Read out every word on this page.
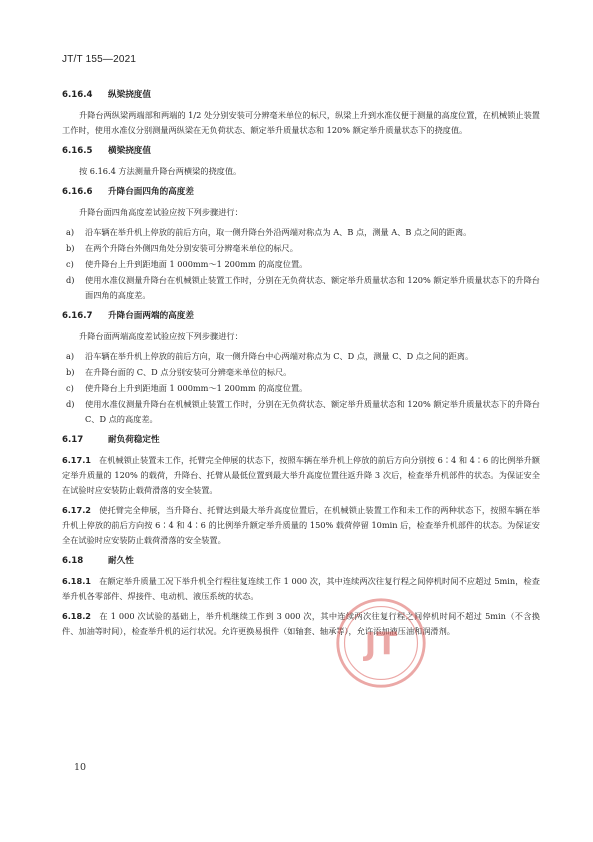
JT/T 155—2021
6.16.4 纵梁挠度值

升降台两纵梁两端部和两端的 1/2 处分别安装可分辨毫米单位的标尺，纵梁上升到水准仪便于测量的高度位置，在机械锁止装置工作时，使用水准仪分别测量两纵梁在无负荷状态、额定举升质量状态和 120% 额定举升质量状态下的挠度值。

6.16.5 横梁挠度值

按 6.16.4 方法测量升降台两横梁的挠度值。

6.16.6 升降台面四角的高度差

升降台面四角高度差试验应按下列步骤进行：

a)	沿车辆在举升机上停放的前后方向，取一侧升降台外沿两端对称点为 A、B 点，测量 A、B 点之间的距离。
b)	在两个升降台外侧四角处分别安装可分辨毫米单位的标尺。
c)	使升降台上升到距地面 1 000mm～1 200mm 的高度位置。
d)	使用水准仪测量升降台在机械锁止装置工作时，分别在无负荷状态、额定举升质量状态和 120% 额定举升质量状态下的升降台面四角的高度差。
6.16.7 升降台面两端的高度差

升降台面两端高度差试验应按下列步骤进行：

a)	沿车辆在举升机上停放的前后方向，取一侧升降台中心两端对称点为 C、D 点，测量 C、D 点之间的距离。
b)	在升降台面的 C、D 点分别安装可分辨毫米单位的标尺。
c)	使升降台上升到距地面 1 000mm～1 200mm 的高度位置。
d)	使用水准仪测量升降台在机械锁止装置工作时，分别在无负荷状态、额定举升质量状态和 120% 额定举升质量状态下的升降台 C、D 点的高度差。
6.17	耐负荷稳定性

6.17.1 在机械锁止装置未工作，托臂完全伸展的状态下，按照车辆在举升机上停放的前后方向分别按 6∶4 和 4∶6 的比例举升额定举升质量的 120% 的载荷，升降台、托臂从最低位置到最大举升高度位置往返升降 3 次后，检查举升机部件的状态。为保证安全在试验时应安装防止载荷滑落的安全装置。

6.17.2 使托臂完全伸展，当升降台、托臂达到最大举升高度位置后，在机械锁止装置工作和未工作的两种状态下，按照车辆在举升机上停放的前后方向按 6∶4 和 4∶6 的比例举升额定举升质量的 150% 载荷停留 10min 后，检查举升机部件的状态。为保证安全在试验时应安装防止载荷滑落的安全装置。

6.18	耐久性

6.18.1 在额定举升质量工况下举升机全行程往复连续工作 1 000 次，其中连续两次往复行程之间停机时间不应超过 5min，检查举升机各零部件、焊接件、电动机、液压系统的状态。

6.18.2 在 1 000 次试验的基础上，举升机继续工作到 3 000 次，其中连续两次往复行程之间停机时间不超过 5min（不含换件、加油等时间），检查举升机的运行状况。允许更换易损件（如轴套、轴承等），允许添加液压油和润滑剂。

JT
10
